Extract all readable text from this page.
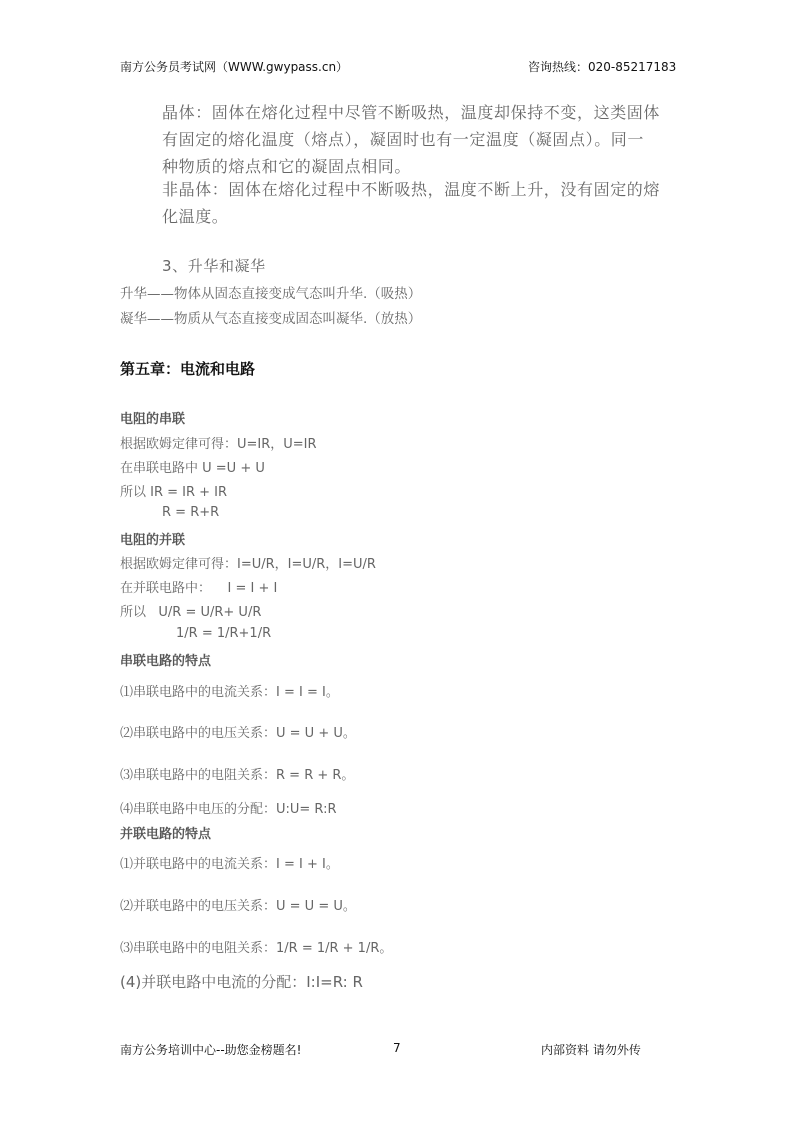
南方公务员考试网（WWW.gwypass.cn）	咨询热线：020-85217183
晶体：固体在熔化过程中尽管不断吸热，温度却保持不变，这类固体
有固定的熔化温度（熔点），凝固时也有一定温度（凝固点）。同一
种物质的熔点和它的凝固点相同。
非晶体：固体在熔化过程中不断吸热，温度不断上升，没有固定的熔
化温度。
3、升华和凝华
升华——物体从固态直接变成气态叫升华.（吸热）
凝华——物质从气态直接变成固态叫凝华.（放热）
第五章：电流和电路
电阻的串联
根据欧姆定律可得：U=IR，U=IR
在串联电路中 U =U + U
所以 IR = IR + IR
R = R+R
电阻的并联
根据欧姆定律可得：I=U/R，I=U/R，I=U/R
在并联电路中：    I = I + I
所以   U/R = U/R+ U/R
1/R = 1/R+1/R
串联电路的特点
⑴串联电路中的电流关系：I = I = I。
⑵串联电路中的电压关系：U = U + U。
⑶串联电路中的电阻关系：R = R + R。
⑷串联电路中电压的分配：U:U= R:R
并联电路的特点
⑴并联电路中的电流关系：I = I + I。
⑵并联电路中的电压关系：U = U = U。
⑶串联电路中的电阻关系：1/R = 1/R + 1/R。
(4)并联电路中电流的分配：I:I=R: R
南方公务培训中心--助您金榜题名!	7	内部资料 请勿外传
